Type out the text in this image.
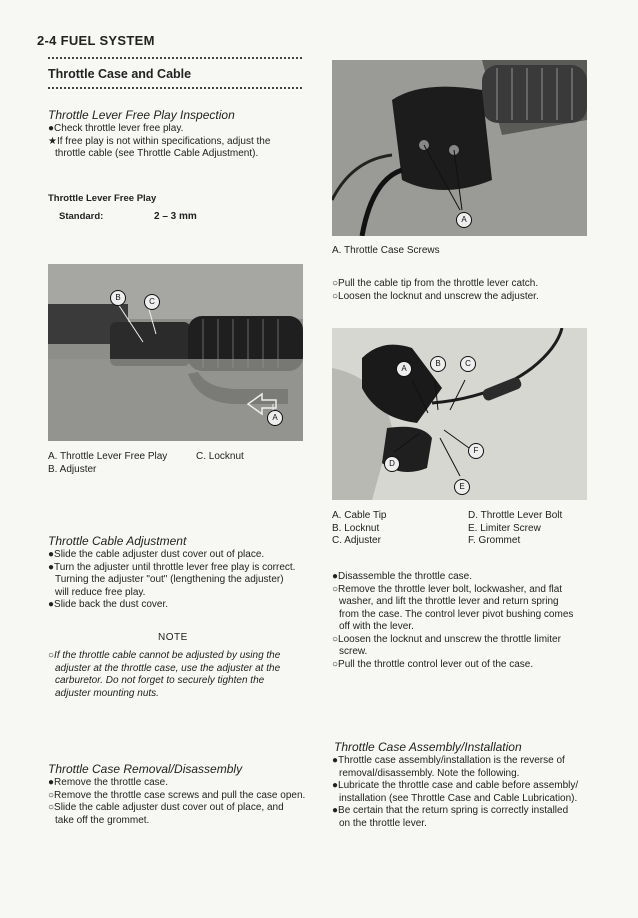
2-4 FUEL SYSTEM
Throttle Case and Cable
Throttle Lever Free Play Inspection

●Check throttle lever free play.

★If free play is not within specifications, adjust the

throttle cable (see Throttle Cable Adjustment).

Throttle Lever Free Play
Standard:	2 – 3 mm
B	C
A
A. Throttle Lever Free Play
B. Adjuster
C. Locknut
Throttle Cable Adjustment

●Slide the cable adjuster dust cover out of place.

●Turn the adjuster until throttle lever free play is correct.

Turning the adjuster "out" (lengthening the adjuster)

will reduce free play.

●Slide back the dust cover.

NOTE

○If the throttle cable cannot be adjusted by using the

adjuster at the throttle case, use the adjuster at the

carburetor. Do not forget to securely tighten the

adjuster mounting nuts.

Throttle Case Removal/Disassembly

●Remove the throttle case.

○Remove the throttle case screws and pull the case open.

○Slide the cable adjuster dust cover out of place, and

take off the grommet.

A
A. Throttle Case Screws

○Pull the cable tip from the throttle lever catch.

○Loosen the locknut and unscrew the adjuster.

A
B	C
D
E
F

A. Cable Tip

B. Locknut

C. Adjuster

D. Throttle Lever Bolt

E. Limiter Screw

F. Grommet

●Disassemble the throttle case.

○Remove the throttle lever bolt, lockwasher, and flat

washer, and lift the throttle lever and return spring

from the case. The control lever pivot bushing comes

off with the lever.

○Loosen the locknut and unscrew the throttle limiter

screw.

○Pull the throttle control lever out of the case.

Throttle Case Assembly/Installation

●Throttle case assembly/installation is the reverse of

removal/disassembly. Note the following.

●Lubricate the throttle case and cable before assembly/

installation (see Throttle Case and Cable Lubrication).

●Be certain that the return spring is correctly installed

on the throttle lever.
